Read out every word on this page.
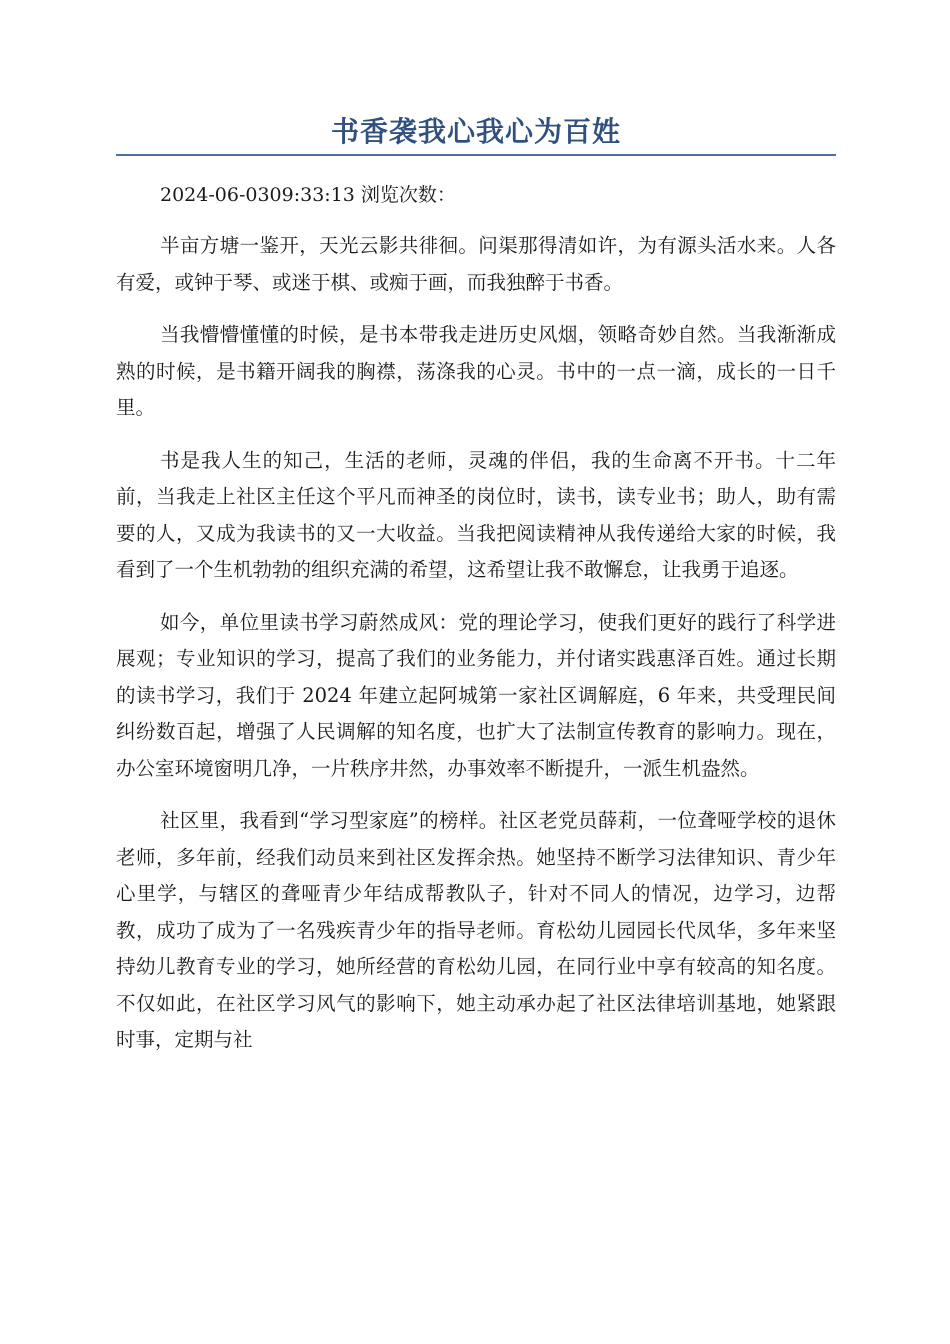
书香袭我心我心为百姓

2024-06-0309:33:13 浏览次数：

半亩方塘一鉴开，天光云影共徘徊。问渠那得清如许，为有源头活水来。人各有爱，或钟于琴、或迷于棋、或痴于画，而我独醉于书香。

当我懵懵懂懂的时候，是书本带我走进历史风烟，领略奇妙自然。当我渐渐成熟的时候，是书籍开阔我的胸襟，荡涤我的心灵。书中的一点一滴，成长的一日千里。

书是我人生的知己，生活的老师，灵魂的伴侣，我的生命离不开书。十二年前，当我走上社区主任这个平凡而神圣的岗位时，读书，读专业书；助人，助有需要的人，又成为我读书的又一大收益。当我把阅读精神从我传递给大家的时候，我看到了一个生机勃勃的组织充满的希望，这希望让我不敢懈怠，让我勇于追逐。

如今，单位里读书学习蔚然成风：党的理论学习，使我们更好的践行了科学进展观；专业知识的学习，提高了我们的业务能力，并付诸实践惠泽百姓。通过长期的读书学习，我们于 2024 年建立起阿城第一家社区调解庭，6 年来，共受理民间纠纷数百起，增强了人民调解的知名度，也扩大了法制宣传教育的影响力。现在，办公室环境窗明几净，一片秩序井然，办事效率不断提升，一派生机盎然。

社区里，我看到“学习型家庭”的榜样。社区老党员薛莉，一位聋哑学校的退休老师，多年前，经我们动员来到社区发挥余热。她坚持不断学习法律知识、青少年心里学，与辖区的聋哑青少年结成帮教队子，针对不同人的情况，边学习，边帮教，成功了成为了一名残疾青少年的指导老师。育松幼儿园园长代凤华，多年来坚持幼儿教育专业的学习，她所经营的育松幼儿园，在同行业中享有较高的知名度。不仅如此，在社区学习风气的影响下，她主动承办起了社区法律培训基地，她紧跟时事，定期与社
